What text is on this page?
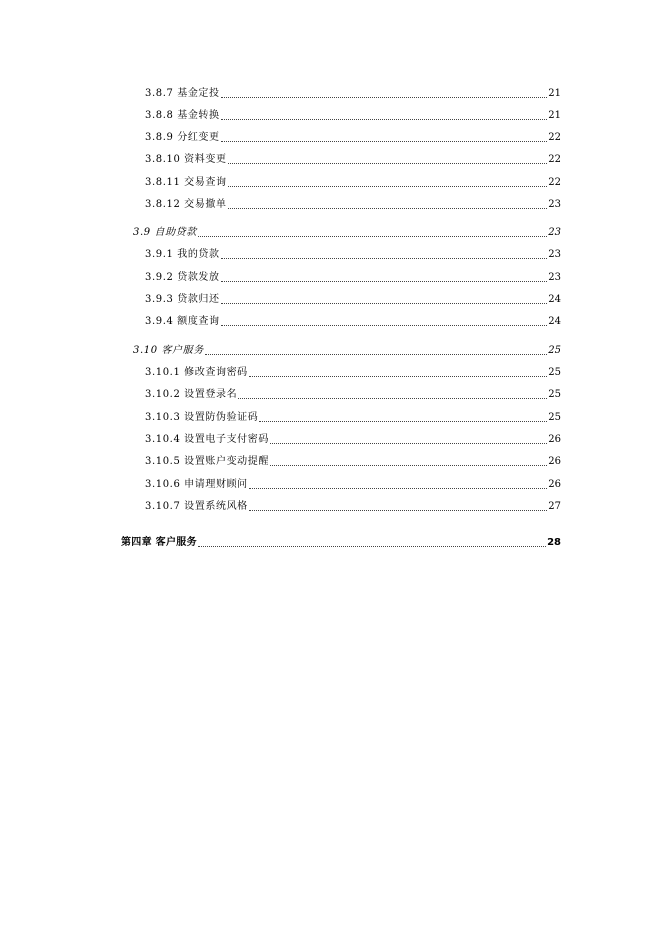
3.8.7 基金定投	21
3.8.8 基金转换	21
3.8.9 分红变更	22
3.8.10 资料变更	22
3.8.11 交易查询	22
3.8.12 交易撤单	23
3.9 自助贷款	23
3.9.1 我的贷款	23
3.9.2 贷款发放	23
3.9.3 贷款归还	24
3.9.4 额度查询	24
3.10 客户服务	25
3.10.1 修改查询密码	25
3.10.2 设置登录名	25
3.10.3 设置防伪验证码	25
3.10.4 设置电子支付密码	26
3.10.5 设置账户变动提醒	26
3.10.6 申请理财顾问	26
3.10.7 设置系统风格	27
第四章 客户服务	28
